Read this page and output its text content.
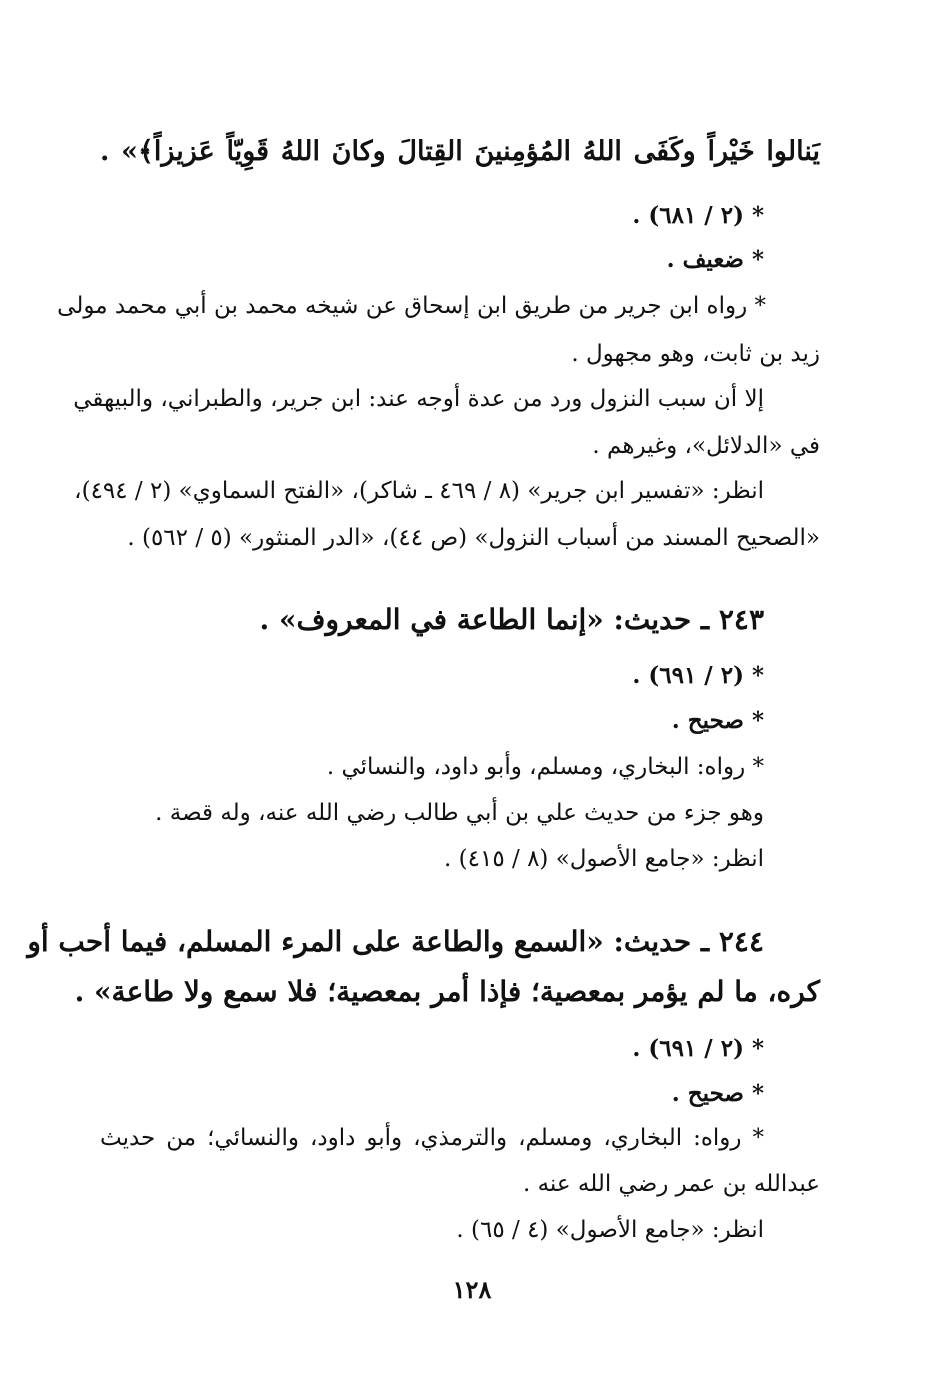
يَنالوا خَيْراً وكَفَى اللهُ المُؤمِنينَ القِتالَ وكانَ اللهُ قَوِيّاً عَزيزاً﴾» .
* (٢ / ٦٨١) .
* ضعيف .
* رواه ابن جرير من طريق ابن إسحاق عن شيخه محمد بن أبي محمد مولى
زيد بن ثابت، وهو مجهول .
إلا أن سبب النزول ورد من عدة أوجه عند: ابن جرير، والطبراني، والبيهقي
في «الدلائل»، وغيرهم .
انظر: «تفسير ابن جرير» (٨ / ٤٦٩ ـ شاكر)، «الفتح السماوي» (٢ / ٤٩٤)،
«الصحيح المسند من أسباب النزول» (ص ٤٤)، «الدر المنثور» (٥ / ٥٦٢) .
٢٤٣ ـ حديث: «إنما الطاعة في المعروف» .
* (٢ / ٦٩١) .
* صحيح .
* رواه: البخاري، ومسلم، وأبو داود، والنسائي .
وهو جزء من حديث علي بن أبي طالب رضي الله عنه، وله قصة .
انظر: «جامع الأصول» (٨ / ٤١٥) .
٢٤٤ ـ حديث: «السمع والطاعة على المرء المسلم، فيما أحب أو
كره، ما لم يؤمر بمعصية؛ فإذا أمر بمعصية؛ فلا سمع ولا طاعة» .
* (٢ / ٦٩١) .
* صحيح .
* رواه: البخاري، ومسلم، والترمذي، وأبو داود، والنسائي؛ من حديث
عبدالله بن عمر رضي الله عنه .
انظر: «جامع الأصول» (٤ / ٦٥) .
١٢٨
